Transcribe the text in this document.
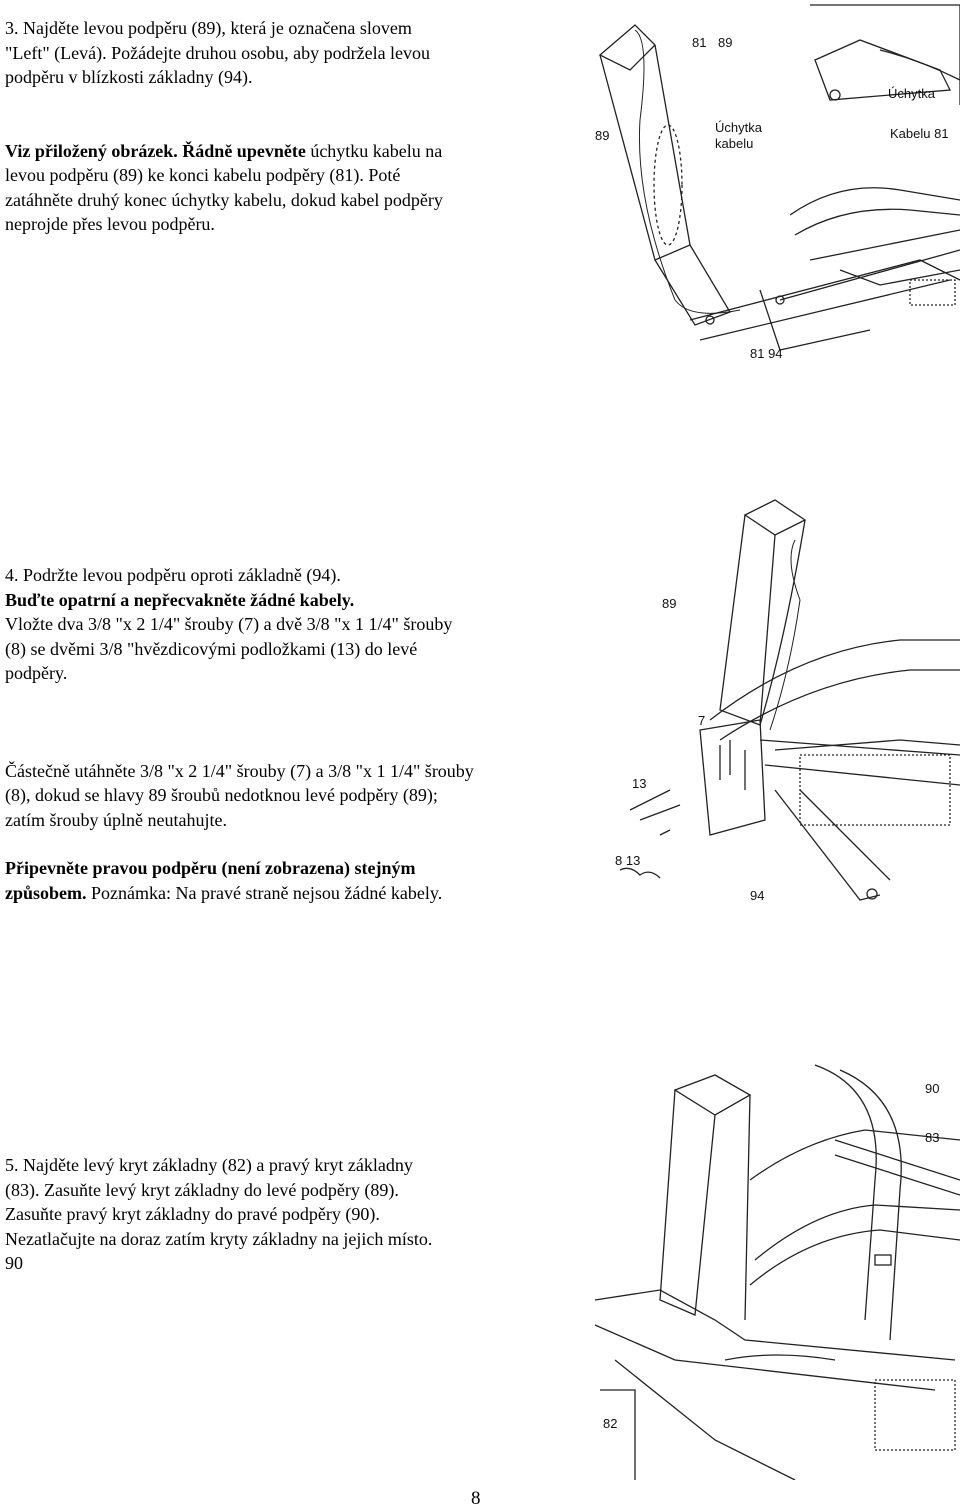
3. Najděte levou podpěru (89), která je označena slovem "Left" (Levá). Požádejte druhou osobu, aby podržela levou podpěru v blízkosti základny (94).

Viz přiložený obrázek. Řádně upevněte úchytku kabelu na levou podpěru (89) ke konci kabelu podpěry (81). Poté zatáhněte druhý konec úchytky kabelu, dokud kabel podpěry neprojde přes levou podpěru.

81 89
Úchytka
89
Úchytka
kabelu
Kabelu 81
81 94

4. Podržte levou podpěru oproti základně (94).

Buďte opatrní a nepřecvakněte žádné kabely.

Vložte dva 3/8 "x 2 1/4" šrouby (7) a dvě 3/8 "x 1 1/4" šrouby (8) se dvěmi 3/8 "hvězdicovými podložkami (13) do levé podpěry.

Částečně utáhněte 3/8 "x 2 1/4" šrouby (7) a 3/8 "x 1 1/4" šrouby (8), dokud se hlavy 89 šroubů nedotknou levé podpěry (89); zatím šrouby úplně neutahujte.

Připevněte pravou podpěru (není zobrazena) stejným způsobem. Poznámka: Na pravé straně nejsou žádné kabely.

89
7
13
8 13
94

5. Najděte levý kryt základny (82) a pravý kryt základny (83). Zasuňte levý kryt základny do levé podpěry (89). Zasuňte pravý kryt základny do pravé podpěry (90). Nezatlačujte na doraz zatím kryty základny na jejich místo. 90

90
83
82
8
